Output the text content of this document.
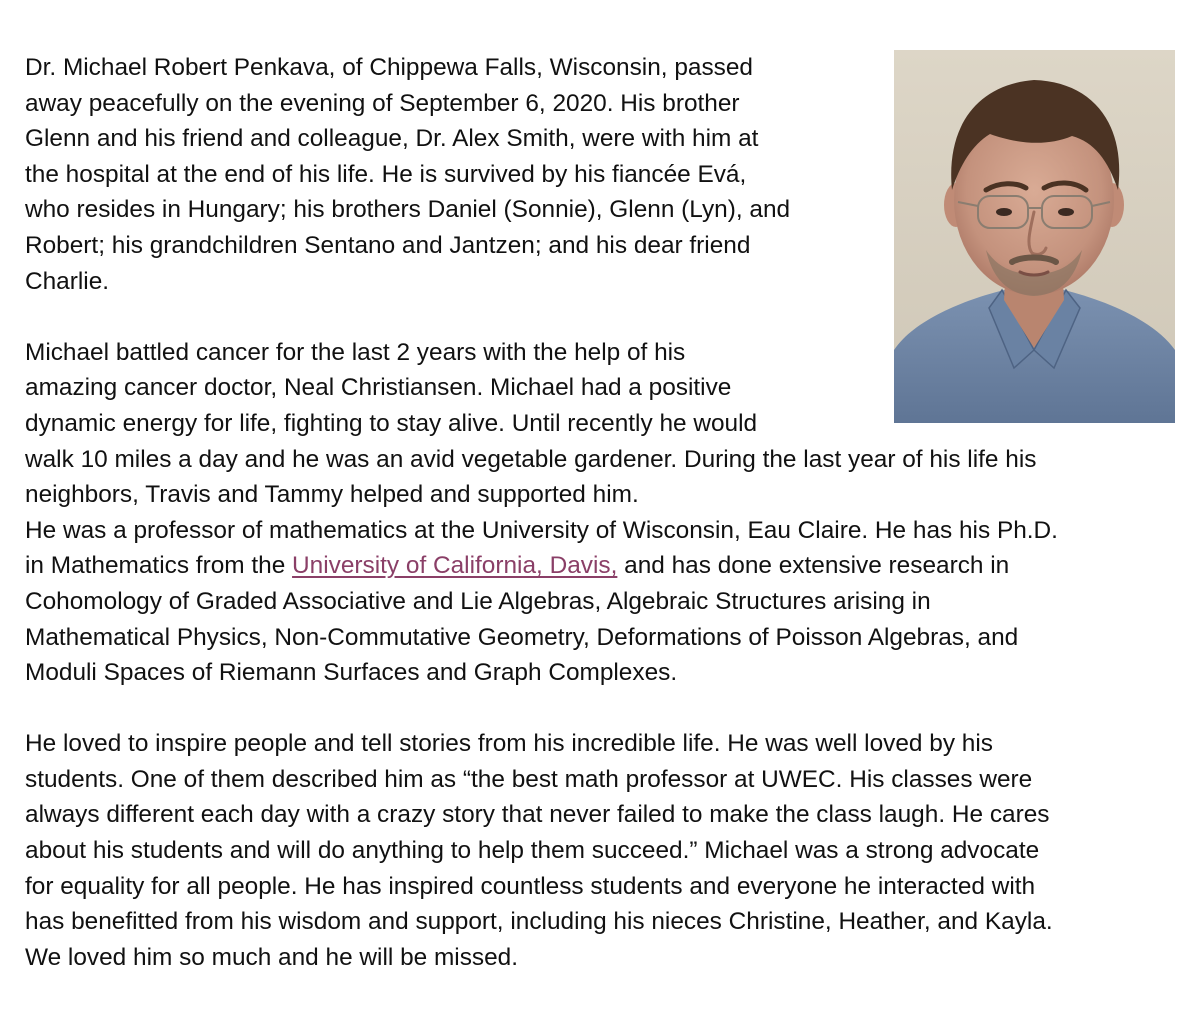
Dr. Michael Robert Penkava, of Chippewa Falls, Wisconsin, passed
away peacefully on the evening of September 6, 2020. His brother
Glenn and his friend and colleague, Dr. Alex Smith, were with him at
the hospital at the end of his life. He is survived by his fiancée Evá,
who resides in Hungary; his brothers Daniel (Sonnie), Glenn (Lyn), and
Robert; his grandchildren Sentano and Jantzen; and his dear friend
Charlie.
Michael battled cancer for the last 2 years with the help of his
amazing cancer doctor, Neal Christiansen. Michael had a positive
dynamic energy for life, fighting to stay alive. Until recently he would
walk 10 miles a day and he was an avid vegetable gardener. During the last year of his life his
neighbors, Travis and Tammy helped and supported him.
He was a professor of mathematics at the University of Wisconsin, Eau Claire. He has his Ph.D.
in Mathematics from the University of California, Davis, and has done extensive research in
Cohomology of Graded Associative and Lie Algebras, Algebraic Structures arising in
Mathematical Physics, Non-Commutative Geometry, Deformations of Poisson Algebras, and
Moduli Spaces of Riemann Surfaces and Graph Complexes.
He loved to inspire people and tell stories from his incredible life. He was well loved by his
students. One of them described him as “the best math professor at UWEC. His classes were
always different each day with a crazy story that never failed to make the class laugh. He cares
about his students and will do anything to help them succeed.” Michael was a strong advocate
for equality for all people. He has inspired countless students and everyone he interacted with
has benefitted from his wisdom and support, including his nieces Christine, Heather, and Kayla.
We loved him so much and he will be missed.
